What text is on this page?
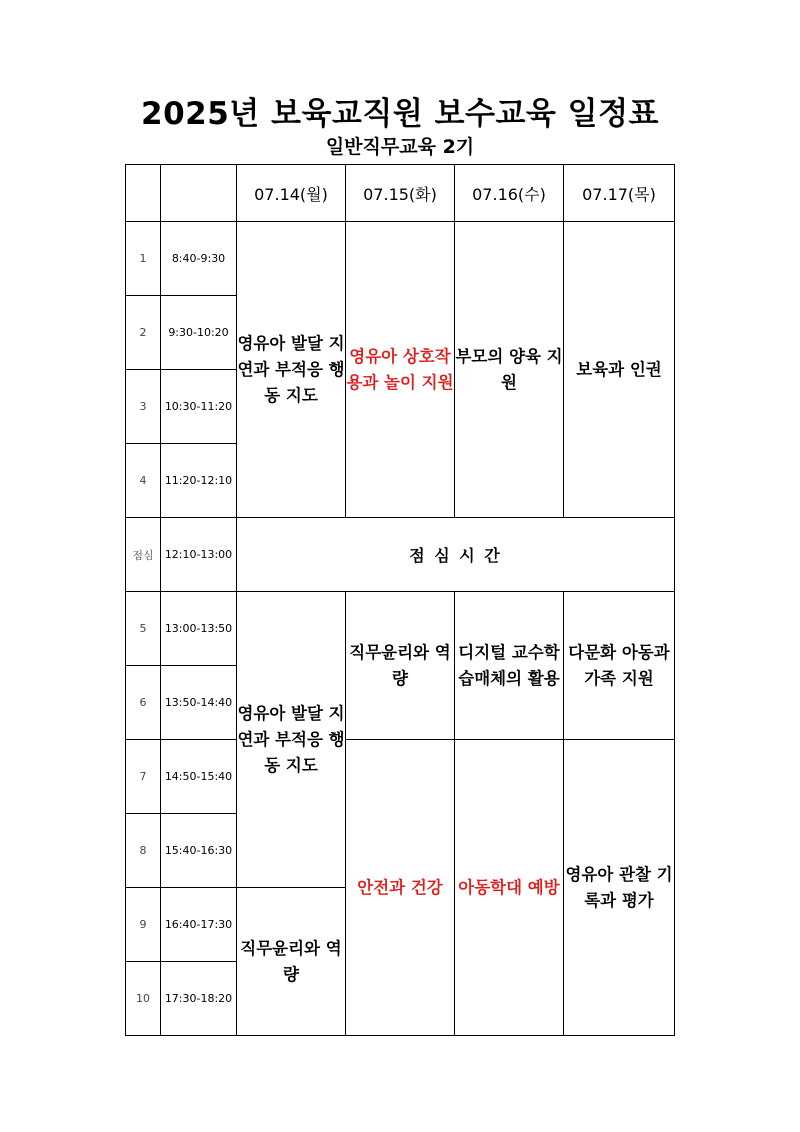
2025년 보육교직원 보수교육 일정표
일반직무교육 2기
		07.14(월)	07.15(화)	07.16(수)	07.17(목)
1	8:40-9:30	영유아 발달 지연과 부적응 행동 지도	영유아 상호작용과 놀이 지원	부모의 양육 지원	보육과 인권
2	9:30-10:20				
3	10:30-11:20				
4	11:20-12:10				
점심	12:10-13:00	점 심 시 간			
5	13:00-13:50	영유아 발달 지연과 부적응 행동 지도	직무윤리와 역량	디지털 교수학습매체의 활용	다문화 아동과 가족 지원
6	13:50-14:40				
7	14:50-15:40		안전과 건강	아동학대 예방	영유아 관찰 기록과 평가
8	15:40-16:30				
9	16:40-17:30	직무윤리와 역량			
10	17:30-18:20				
